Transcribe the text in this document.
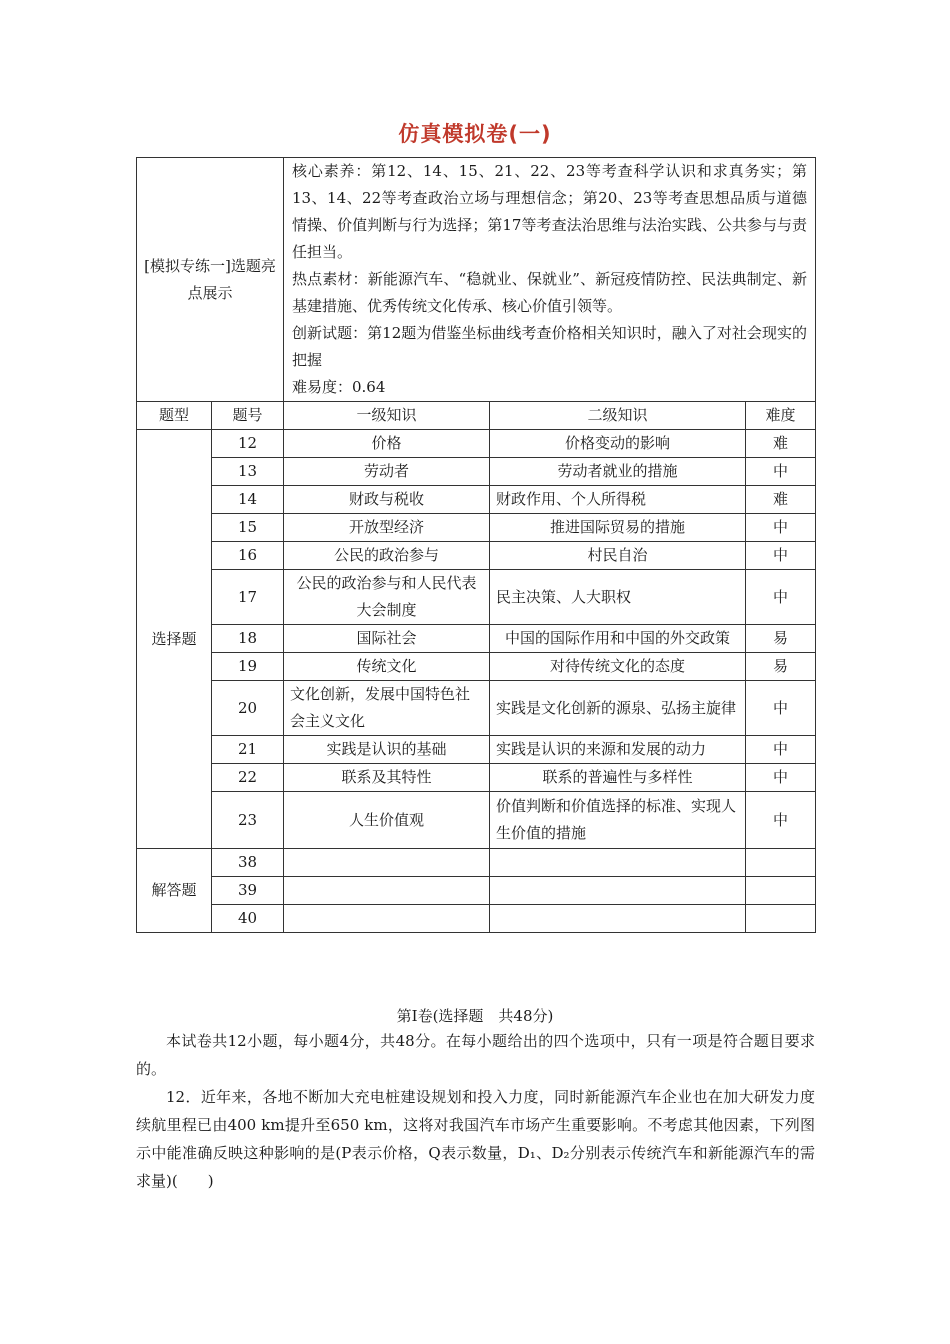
仿真模拟卷(一)
[模拟专练一]选题亮点展示		核心素养：第12、14、15、21、22、23等考查科学认识和求真务实；第13、14、22等考查政治立场与理想信念；第20、23等考查思想品质与道德情操、价值判断与行为选择；第17等考查法治思维与法治实践、公共参与与责任担当。

热点素材：新能源汽车、“稳就业、保就业”、新冠疫情防控、民法典制定、新基建措施、优秀传统文化传承、核心价值引领等。

创新试题：第12题为借鉴坐标曲线考查价格相关知识时，融入了对社会现实的把握

难易度：0.64		

题型	题号	一级知识	二级知识	难度
选择题	12	价格	价格变动的影响	难
	13	劳动者	劳动者就业的措施	中
	14	财政与税收	财政作用、个人所得税	难
	15	开放型经济	推进国际贸易的措施	中
	16	公民的政治参与	村民自治	中
	17	公民的政治参与和人民代表大会制度	民主决策、人大职权	中
	18	国际社会	中国的国际作用和中国的外交政策	易
	19	传统文化	对待传统文化的态度	易
	20	文化创新，发展中国特色社会主义文化	实践是文化创新的源泉、弘扬主旋律	中
	21	实践是认识的基础	实践是认识的来源和发展的动力	中
	22	联系及其特性	联系的普遍性与多样性	中
	23	人生价值观	价值判断和价值选择的标准、实现人生价值的措施	中
解答题	38			
	39			
	40			
第Ⅰ卷(选择题　共48分)

本试卷共12小题，每小题4分，共48分。在每小题给出的四个选项中，只有一项是符合题目要求的。

12．近年来，各地不断加大充电桩建设规划和投入力度，同时新能源汽车企业也在加大研发力度续航里程已由400 km提升至650 km，这将对我国汽车市场产生重要影响。不考虑其他因素，下列图示中能准确反映这种影响的是(P表示价格，Q表示数量，D₁、D₂分别表示传统汽车和新能源汽车的需求量)(　　)
